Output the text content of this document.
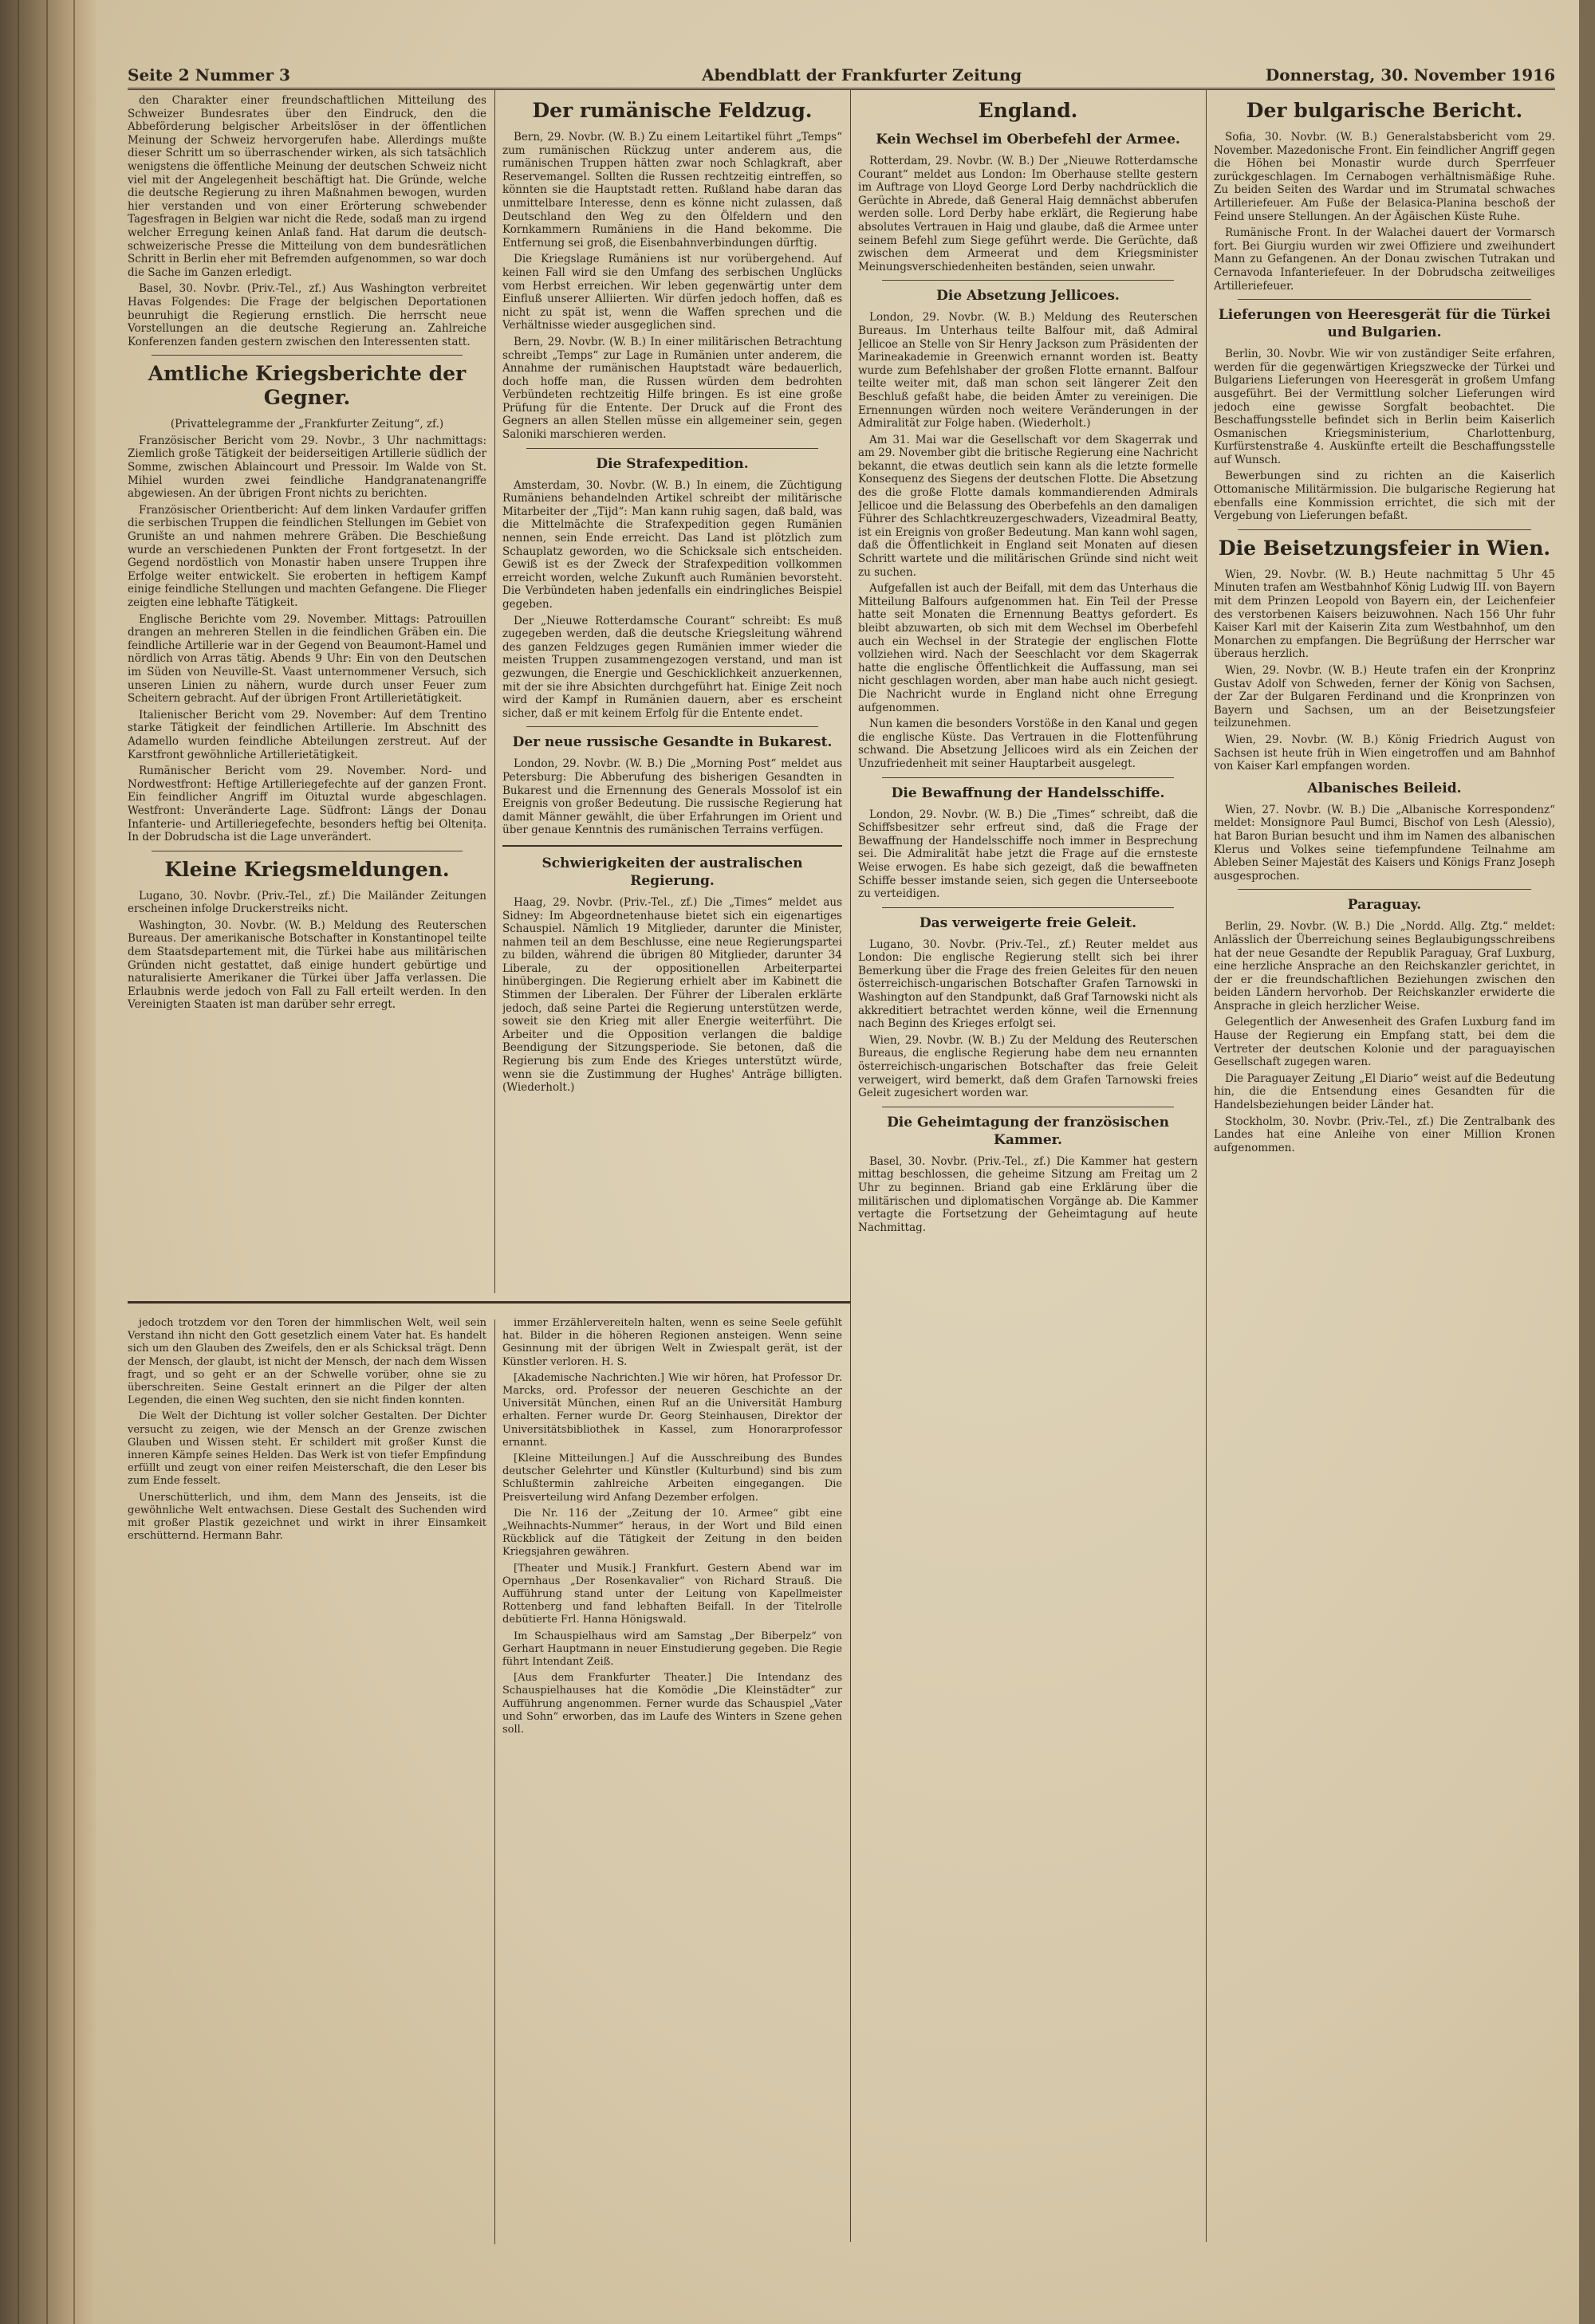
Seite 2 Nummer 3	Abendblatt der Frankfurter Zeitung	Donnerstag, 30. November 1916

den Charakter einer freundschaftlichen Mitteilung des Schweizer Bundesrates über den Eindruck, den die Abbeförderung belgischer Arbeitslöser in der öffentlichen Meinung der Schweiz hervorgerufen habe. Allerdings mußte dieser Schritt um so überraschender wirken, als sich tatsächlich wenigstens die öffentliche Meinung der deutschen Schweiz nicht viel mit der Angelegenheit beschäftigt hat. Die Gründe, welche die deutsche Regierung zu ihren Maßnahmen bewogen, wurden hier verstanden und von einer Erörterung schwebender Tagesfragen in Belgien war nicht die Rede, sodaß man zu irgend welcher Erregung keinen Anlaß fand. Hat darum die deutsch-schweizerische Presse die Mitteilung von dem bundesrätlichen Schritt in Berlin eher mit Befremden aufgenommen, so war doch die Sache im Ganzen erledigt.

Basel, 30. Novbr. (Priv.-Tel., zf.) Aus Washington verbreitet Havas Folgendes: Die Frage der belgischen Deportationen beunruhigt die Regierung ernstlich. Die herrscht neue Vorstellungen an die deutsche Regierung an. Zahlreiche Konferenzen fanden gestern zwischen den Interessenten statt.

Amtliche Kriegsberichte der Gegner.

(Privattelegramme der „Frankfurter Zeitung“, zf.)

Französischer Bericht vom 29. Novbr., 3 Uhr nachmittags: Ziemlich große Tätigkeit der beiderseitigen Artillerie südlich der Somme, zwischen Ablaincourt und Pressoir. Im Walde von St. Mihiel wurden zwei feindliche Handgranatenangriffe abgewiesen. An der übrigen Front nichts zu berichten.

Französischer Orientbericht: Auf dem linken Vardaufer griffen die serbischen Truppen die feindlichen Stellungen im Gebiet von Grunište an und nahmen mehrere Gräben. Die Beschießung wurde an verschiedenen Punkten der Front fortgesetzt. In der Gegend nordöstlich von Monastir haben unsere Truppen ihre Erfolge weiter entwickelt. Sie eroberten in heftigem Kampf einige feindliche Stellungen und machten Gefangene. Die Flieger zeigten eine lebhafte Tätigkeit.

Englische Berichte vom 29. November. Mittags: Patrouillen drangen an mehreren Stellen in die feindlichen Gräben ein. Die feindliche Artillerie war in der Gegend von Beaumont-Hamel und nördlich von Arras tätig. Abends 9 Uhr: Ein von den Deutschen im Süden von Neuville-St. Vaast unternommener Versuch, sich unseren Linien zu nähern, wurde durch unser Feuer zum Scheitern gebracht. Auf der übrigen Front Artillerietätigkeit.

Italienischer Bericht vom 29. November: Auf dem Trentino starke Tätigkeit der feindlichen Artillerie. Im Abschnitt des Adamello wurden feindliche Abteilungen zerstreut. Auf der Karstfront gewöhnliche Artillerietätigkeit.

Rumänischer Bericht vom 29. November. Nord- und Nordwestfront: Heftige Artilleriegefechte auf der ganzen Front. Ein feindlicher Angriff im Oituztal wurde abgeschlagen. Westfront: Unveränderte Lage. Südfront: Längs der Donau Infanterie- und Artilleriegefechte, besonders heftig bei Oltenița. In der Dobrudscha ist die Lage unverändert.

Kleine Kriegsmeldungen.

Lugano, 30. Novbr. (Priv.-Tel., zf.) Die Mailänder Zeitungen erscheinen infolge Druckerstreiks nicht.

Washington, 30. Novbr. (W. B.) Meldung des Reuterschen Bureaus. Der amerikanische Botschafter in Konstantinopel teilte dem Staatsdepartement mit, die Türkei habe aus militärischen Gründen nicht gestattet, daß einige hundert gebürtige und naturalisierte Amerikaner die Türkei über Jaffa verlassen. Die Erlaubnis werde jedoch von Fall zu Fall erteilt werden. In den Vereinigten Staaten ist man darüber sehr erregt.

Der rumänische Feldzug.

Bern, 29. Novbr. (W. B.) Zu einem Leitartikel führt „Temps“ zum rumänischen Rückzug unter anderem aus, die rumänischen Truppen hätten zwar noch Schlagkraft, aber Reservemangel. Sollten die Russen rechtzeitig eintreffen, so könnten sie die Hauptstadt retten. Rußland habe daran das unmittelbare Interesse, denn es könne nicht zulassen, daß Deutschland den Weg zu den Ölfeldern und den Kornkammern Rumäniens in die Hand bekomme. Die Entfernung sei groß, die Eisenbahnverbindungen dürftig.

Die Kriegslage Rumäniens ist nur vorübergehend. Auf keinen Fall wird sie den Umfang des serbischen Unglücks vom Herbst erreichen. Wir leben gegenwärtig unter dem Einfluß unserer Alliierten. Wir dürfen jedoch hoffen, daß es nicht zu spät ist, wenn die Waffen sprechen und die Verhältnisse wieder ausgeglichen sind.

Bern, 29. Novbr. (W. B.) In einer militärischen Betrachtung schreibt „Temps“ zur Lage in Rumänien unter anderem, die Annahme der rumänischen Hauptstadt wäre bedauerlich, doch hoffe man, die Russen würden dem bedrohten Verbündeten rechtzeitig Hilfe bringen. Es ist eine große Prüfung für die Entente. Der Druck auf die Front des Gegners an allen Stellen müsse ein allgemeiner sein, gegen Saloniki marschieren werden.

Die Strafexpedition.

Amsterdam, 30. Novbr. (W. B.) In einem, die Züchtigung Rumäniens behandelnden Artikel schreibt der militärische Mitarbeiter der „Tijd“: Man kann ruhig sagen, daß bald, was die Mittelmächte die Strafexpedition gegen Rumänien nennen, sein Ende erreicht. Das Land ist plötzlich zum Schauplatz geworden, wo die Schicksale sich entscheiden. Gewiß ist es der Zweck der Strafexpedition vollkommen erreicht worden, welche Zukunft auch Rumänien bevorsteht. Die Verbündeten haben jedenfalls ein eindringliches Beispiel gegeben.

Der „Nieuwe Rotterdamsche Courant“ schreibt: Es muß zugegeben werden, daß die deutsche Kriegsleitung während des ganzen Feldzuges gegen Rumänien immer wieder die meisten Truppen zusammengezogen verstand, und man ist gezwungen, die Energie und Geschicklichkeit anzuerkennen, mit der sie ihre Absichten durchgeführt hat. Einige Zeit noch wird der Kampf in Rumänien dauern, aber es erscheint sicher, daß er mit keinem Erfolg für die Entente endet.

Der neue russische Gesandte in Bukarest.

London, 29. Novbr. (W. B.) Die „Morning Post“ meldet aus Petersburg: Die Abberufung des bisherigen Gesandten in Bukarest und die Ernennung des Generals Mossolof ist ein Ereignis von großer Bedeutung. Die russische Regierung hat damit Männer gewählt, die über Erfahrungen im Orient und über genaue Kenntnis des rumänischen Terrains verfügen.

Schwierigkeiten der australischen Regierung.

Haag, 29. Novbr. (Priv.-Tel., zf.) Die „Times“ meldet aus Sidney: Im Abgeordnetenhause bietet sich ein eigenartiges Schauspiel. Nämlich 19 Mitglieder, darunter die Minister, nahmen teil an dem Beschlusse, eine neue Regierungspartei zu bilden, während die übrigen 80 Mitglieder, darunter 34 Liberale, zu der oppositionellen Arbeiterpartei hinübergingen. Die Regierung erhielt aber im Kabinett die Stimmen der Liberalen. Der Führer der Liberalen erklärte jedoch, daß seine Partei die Regierung unterstützen werde, soweit sie den Krieg mit aller Energie weiterführt. Die Arbeiter und die Opposition verlangen die baldige Beendigung der Sitzungsperiode. Sie betonen, daß die Regierung bis zum Ende des Krieges unterstützt würde, wenn sie die Zustimmung der Hughes' Anträge billigten. (Wiederholt.)

England.
Kein Wechsel im Oberbefehl der Armee.

Rotterdam, 29. Novbr. (W. B.) Der „Nieuwe Rotterdamsche Courant“ meldet aus London: Im Oberhause stellte gestern im Auftrage von Lloyd George Lord Derby nachdrücklich die Gerüchte in Abrede, daß General Haig demnächst abberufen werden solle. Lord Derby habe erklärt, die Regierung habe absolutes Vertrauen in Haig und glaube, daß die Armee unter seinem Befehl zum Siege geführt werde. Die Gerüchte, daß zwischen dem Armeerat und dem Kriegsminister Meinungsverschiedenheiten beständen, seien unwahr.

Die Absetzung Jellicoes.

London, 29. Novbr. (W. B.) Meldung des Reuterschen Bureaus. Im Unterhaus teilte Balfour mit, daß Admiral Jellicoe an Stelle von Sir Henry Jackson zum Präsidenten der Marineakademie in Greenwich ernannt worden ist. Beatty wurde zum Befehlshaber der großen Flotte ernannt. Balfour teilte weiter mit, daß man schon seit längerer Zeit den Beschluß gefaßt habe, die beiden Ämter zu vereinigen. Die Ernennungen würden noch weitere Veränderungen in der Admiralität zur Folge haben. (Wiederholt.)

Am 31. Mai war die Gesellschaft vor dem Skagerrak und am 29. November gibt die britische Regierung eine Nachricht bekannt, die etwas deutlich sein kann als die letzte formelle Konsequenz des Siegens der deutschen Flotte. Die Absetzung des die große Flotte damals kommandierenden Admirals Jellicoe und die Belassung des Oberbefehls an den damaligen Führer des Schlachtkreuzergeschwaders, Vizeadmiral Beatty, ist ein Ereignis von großer Bedeutung. Man kann wohl sagen, daß die Öffentlichkeit in England seit Monaten auf diesen Schritt wartete und die militärischen Gründe sind nicht weit zu suchen.

Aufgefallen ist auch der Beifall, mit dem das Unterhaus die Mitteilung Balfours aufgenommen hat. Ein Teil der Presse hatte seit Monaten die Ernennung Beattys gefordert. Es bleibt abzuwarten, ob sich mit dem Wechsel im Oberbefehl auch ein Wechsel in der Strategie der englischen Flotte vollziehen wird. Nach der Seeschlacht vor dem Skagerrak hatte die englische Öffentlichkeit die Auffassung, man sei nicht geschlagen worden, aber man habe auch nicht gesiegt. Die Nachricht wurde in England nicht ohne Erregung aufgenommen.

Nun kamen die besonders Vorstöße in den Kanal und gegen die englische Küste. Das Vertrauen in die Flottenführung schwand. Die Absetzung Jellicoes wird als ein Zeichen der Unzufriedenheit mit seiner Hauptarbeit ausgelegt.

Die Bewaffnung der Handelsschiffe.

London, 29. Novbr. (W. B.) Die „Times“ schreibt, daß die Schiffsbesitzer sehr erfreut sind, daß die Frage der Bewaffnung der Handelsschiffe noch immer in Besprechung sei. Die Admiralität habe jetzt die Frage auf die ernsteste Weise erwogen. Es habe sich gezeigt, daß die bewaffneten Schiffe besser imstande seien, sich gegen die Unterseeboote zu verteidigen.

Das verweigerte freie Geleit.

Lugano, 30. Novbr. (Priv.-Tel., zf.) Reuter meldet aus London: Die englische Regierung stellt sich bei ihrer Bemerkung über die Frage des freien Geleites für den neuen österreichisch-ungarischen Botschafter Grafen Tarnowski in Washington auf den Standpunkt, daß Graf Tarnowski nicht als akkreditiert betrachtet werden könne, weil die Ernennung nach Beginn des Krieges erfolgt sei.

Wien, 29. Novbr. (W. B.) Zu der Meldung des Reuterschen Bureaus, die englische Regierung habe dem neu ernannten österreichisch-ungarischen Botschafter das freie Geleit verweigert, wird bemerkt, daß dem Grafen Tarnowski freies Geleit zugesichert worden war.

Die Geheimtagung der französischen Kammer.

Basel, 30. Novbr. (Priv.-Tel., zf.) Die Kammer hat gestern mittag beschlossen, die geheime Sitzung am Freitag um 2 Uhr zu beginnen. Briand gab eine Erklärung über die militärischen und diplomatischen Vorgänge ab. Die Kammer vertagte die Fortsetzung der Geheimtagung auf heute Nachmittag.

Der bulgarische Bericht.

Sofia, 30. Novbr. (W. B.) Generalstabsbericht vom 29. November. Mazedonische Front. Ein feindlicher Angriff gegen die Höhen bei Monastir wurde durch Sperrfeuer zurückgeschlagen. Im Cernabogen verhältnismäßige Ruhe. Zu beiden Seiten des Wardar und im Strumatal schwaches Artilleriefeuer. Am Fuße der Belasica-Planina beschoß der Feind unsere Stellungen. An der Ägäischen Küste Ruhe.

Rumänische Front. In der Walachei dauert der Vormarsch fort. Bei Giurgiu wurden wir zwei Offiziere und zweihundert Mann zu Gefangenen. An der Donau zwischen Tutrakan und Cernavoda Infanteriefeuer. In der Dobrudscha zeitweiliges Artilleriefeuer.

Lieferungen von Heeresgerät für die Türkei und Bulgarien.

Berlin, 30. Novbr. Wie wir von zuständiger Seite erfahren, werden für die gegenwärtigen Kriegszwecke der Türkei und Bulgariens Lieferungen von Heeresgerät in großem Umfang ausgeführt. Bei der Vermittlung solcher Lieferungen wird jedoch eine gewisse Sorgfalt beobachtet. Die Beschaffungsstelle befindet sich in Berlin beim Kaiserlich Osmanischen Kriegsministerium, Charlottenburg, Kurfürstenstraße 4. Auskünfte erteilt die Beschaffungsstelle auf Wunsch.

Bewerbungen sind zu richten an die Kaiserlich Ottomanische Militärmission. Die bulgarische Regierung hat ebenfalls eine Kommission errichtet, die sich mit der Vergebung von Lieferungen befaßt.

Die Beisetzungsfeier in Wien.

Wien, 29. Novbr. (W. B.) Heute nachmittag 5 Uhr 45 Minuten trafen am Westbahnhof König Ludwig III. von Bayern mit dem Prinzen Leopold von Bayern ein, der Leichenfeier des verstorbenen Kaisers beizuwohnen. Nach 156 Uhr fuhr Kaiser Karl mit der Kaiserin Zita zum Westbahnhof, um den Monarchen zu empfangen. Die Begrüßung der Herrscher war überaus herzlich.

Wien, 29. Novbr. (W. B.) Heute trafen ein der Kronprinz Gustav Adolf von Schweden, ferner der König von Sachsen, der Zar der Bulgaren Ferdinand und die Kronprinzen von Bayern und Sachsen, um an der Beisetzungsfeier teilzunehmen.

Wien, 29. Novbr. (W. B.) König Friedrich August von Sachsen ist heute früh in Wien eingetroffen und am Bahnhof von Kaiser Karl empfangen worden.

Albanisches Beileid.

Wien, 27. Novbr. (W. B.) Die „Albanische Korrespondenz“ meldet: Monsignore Paul Bumci, Bischof von Lesh (Alessio), hat Baron Burian besucht und ihm im Namen des albanischen Klerus und Volkes seine tiefempfundene Teilnahme am Ableben Seiner Majestät des Kaisers und Königs Franz Joseph ausgesprochen.

Paraguay.

Berlin, 29. Novbr. (W. B.) Die „Nordd. Allg. Ztg.“ meldet: Anlässlich der Überreichung seines Beglaubigungsschreibens hat der neue Gesandte der Republik Paraguay, Graf Luxburg, eine herzliche Ansprache an den Reichskanzler gerichtet, in der er die freundschaftlichen Beziehungen zwischen den beiden Ländern hervorhob. Der Reichskanzler erwiderte die Ansprache in gleich herzlicher Weise.

Gelegentlich der Anwesenheit des Grafen Luxburg fand im Hause der Regierung ein Empfang statt, bei dem die Vertreter der deutschen Kolonie und der paraguayischen Gesellschaft zugegen waren.

Die Paraguayer Zeitung „El Diario“ weist auf die Bedeutung hin, die die Entsendung eines Gesandten für die Handelsbeziehungen beider Länder hat.

Stockholm, 30. Novbr. (Priv.-Tel., zf.) Die Zentralbank des Landes hat eine Anleihe von einer Million Kronen aufgenommen.

jedoch trotzdem vor den Toren der himmlischen Welt, weil sein Verstand ihn nicht den Gott gesetzlich einem Vater hat. Es handelt sich um den Glauben des Zweifels, den er als Schicksal trägt. Denn der Mensch, der glaubt, ist nicht der Mensch, der nach dem Wissen fragt, und so geht er an der Schwelle vorüber, ohne sie zu überschreiten. Seine Gestalt erinnert an die Pilger der alten Legenden, die einen Weg suchten, den sie nicht finden konnten.

Die Welt der Dichtung ist voller solcher Gestalten. Der Dichter versucht zu zeigen, wie der Mensch an der Grenze zwischen Glauben und Wissen steht. Er schildert mit großer Kunst die inneren Kämpfe seines Helden. Das Werk ist von tiefer Empfindung erfüllt und zeugt von einer reifen Meisterschaft, die den Leser bis zum Ende fesselt.

Unerschütterlich, und ihm, dem Mann des Jenseits, ist die gewöhnliche Welt entwachsen. Diese Gestalt des Suchenden wird mit großer Plastik gezeichnet und wirkt in ihrer Einsamkeit erschütternd. Hermann Bahr.

immer Erzählervereiteln halten, wenn es seine Seele gefühlt hat. Bilder in die höheren Regionen ansteigen. Wenn seine Gesinnung mit der übrigen Welt in Zwiespalt gerät, ist der Künstler verloren. H. S.

[Akademische Nachrichten.] Wie wir hören, hat Professor Dr. Marcks, ord. Professor der neueren Geschichte an der Universität München, einen Ruf an die Universität Hamburg erhalten. Ferner wurde Dr. Georg Steinhausen, Direktor der Universitätsbibliothek in Kassel, zum Honorarprofessor ernannt.

[Kleine Mitteilungen.] Auf die Ausschreibung des Bundes deutscher Gelehrter und Künstler (Kulturbund) sind bis zum Schlußtermin zahlreiche Arbeiten eingegangen. Die Preisverteilung wird Anfang Dezember erfolgen.

Die Nr. 116 der „Zeitung der 10. Armee“ gibt eine „Weihnachts-Nummer“ heraus, in der Wort und Bild einen Rückblick auf die Tätigkeit der Zeitung in den beiden Kriegsjahren gewähren.

[Theater und Musik.] Frankfurt. Gestern Abend war im Opernhaus „Der Rosenkavalier“ von Richard Strauß. Die Aufführung stand unter der Leitung von Kapellmeister Rottenberg und fand lebhaften Beifall. In der Titelrolle debütierte Frl. Hanna Hönigswald.

Im Schauspielhaus wird am Samstag „Der Biberpelz“ von Gerhart Hauptmann in neuer Einstudierung gegeben. Die Regie führt Intendant Zeiß.

[Aus dem Frankfurter Theater.] Die Intendanz des Schauspielhauses hat die Komödie „Die Kleinstädter“ zur Aufführung angenommen. Ferner wurde das Schauspiel „Vater und Sohn“ erworben, das im Laufe des Winters in Szene gehen soll.
